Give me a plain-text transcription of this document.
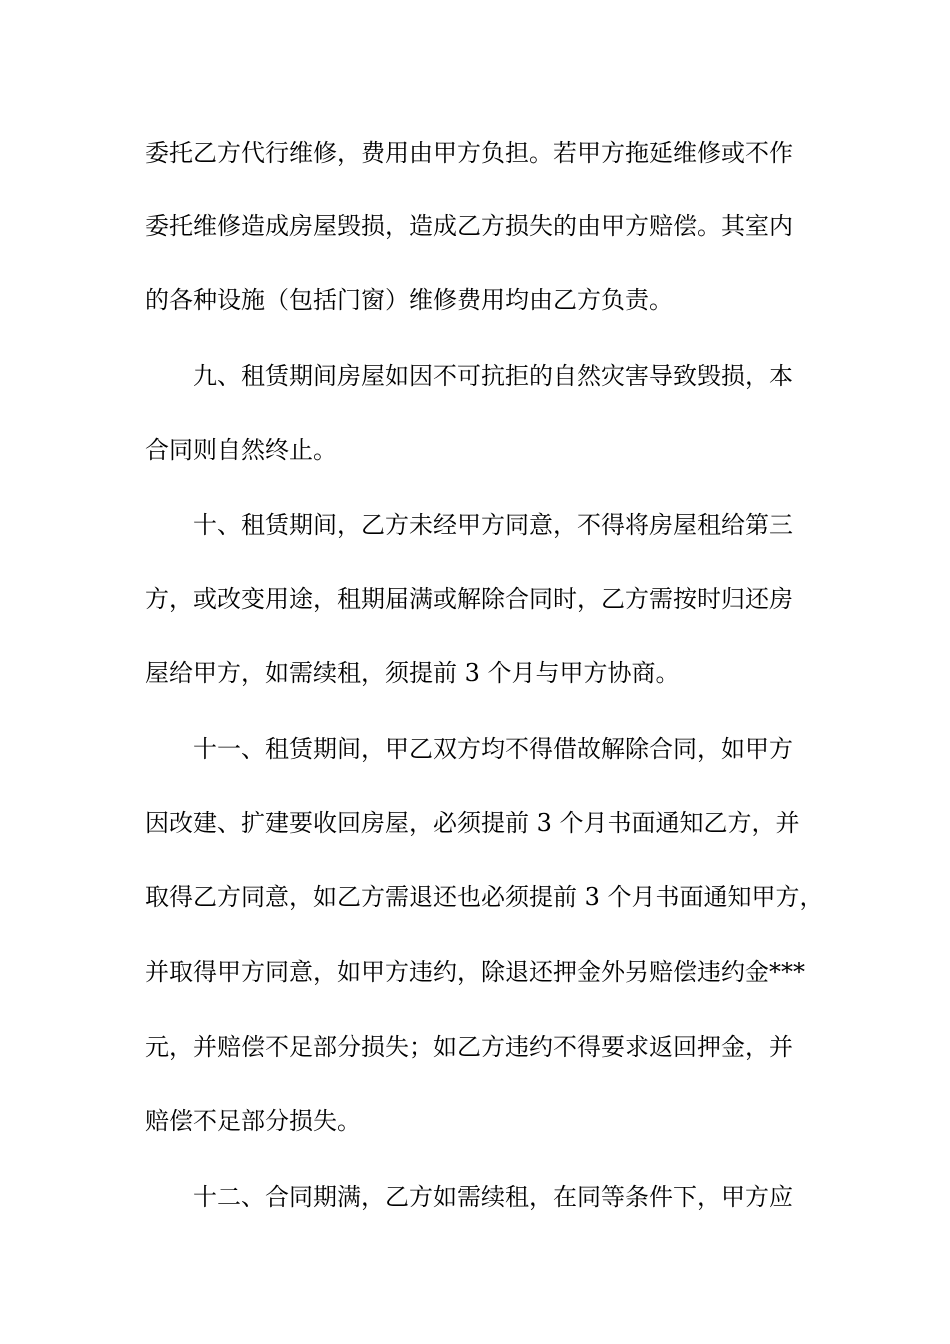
委托乙方代行维修，费用由甲方负担。若甲方拖延维修或不作

委托维修造成房屋毁损，造成乙方损失的由甲方赔偿。其室内

的各种设施（包括门窗）维修费用均由乙方负责。

九、租赁期间房屋如因不可抗拒的自然灾害导致毁损，本

合同则自然终止。

十、租赁期间，乙方未经甲方同意，不得将房屋租给第三

方，或改变用途，租期届满或解除合同时，乙方需按时归还房

屋给甲方，如需续租，须提前 3 个月与甲方协商。

十一、租赁期间，甲乙双方均不得借故解除合同，如甲方

因改建、扩建要收回房屋，必须提前 3 个月书面通知乙方，并

取得乙方同意，如乙方需退还也必须提前 3 个月书面通知甲方，

并取得甲方同意，如甲方违约，除退还押金外另赔偿违约金***

元，并赔偿不足部分损失；如乙方违约不得要求返回押金，并

赔偿不足部分损失。

十二、合同期满，乙方如需续租，在同等条件下，甲方应
